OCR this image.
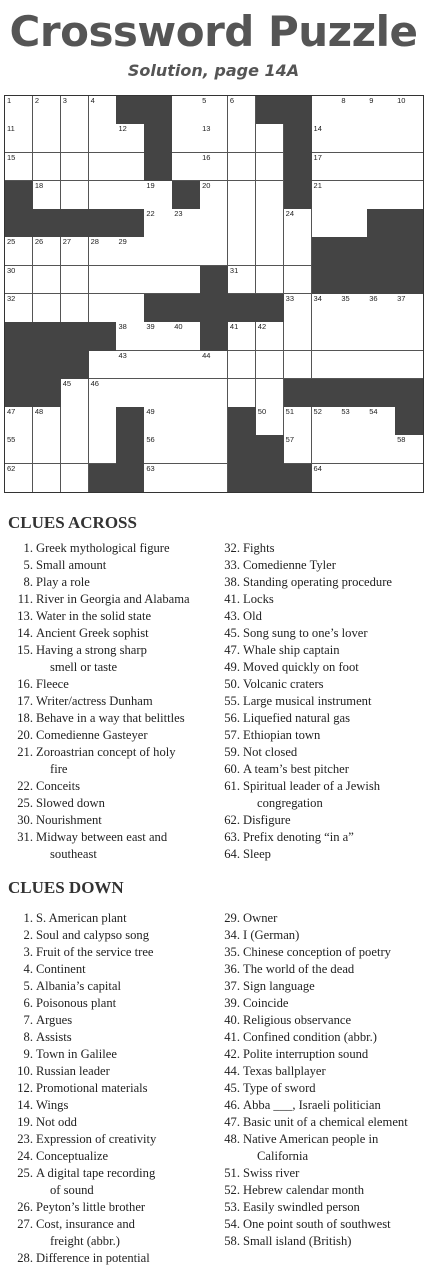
Crossword Puzzle
Solution, page 14A
1	2	3	4	5	6	8	9	10
11	12	13	14
15	16	17
18	19	20	21
22	23	24
25	26	27	28	29
30	31
32	33	34	35	36	37
38	39	40	41	42
43	44
45	46
47	48	49	50	51	52	53	54
55	56	57	58
62	63	64
CLUES ACROSS
1. Greek mythological figure
5. Small amount
8. Play a role
11. River in Georgia and Alabama
13. Water in the solid state
14. Ancient Greek sophist
15. Having a strong sharp
smell or taste
16. Fleece
17. Writer/actress Dunham
18. Behave in a way that belittles
20. Comedienne Gasteyer
21. Zoroastrian concept of holy
fire
22. Conceits
25. Slowed down
30. Nourishment
31. Midway between east and
southeast
32. Fights
33. Comedienne Tyler
38. Standing operating procedure
41. Locks
43. Old
45. Song sung to one’s lover
47. Whale ship captain
49. Moved quickly on foot
50. Volcanic craters
55. Large musical instrument
56. Liquefied natural gas
57. Ethiopian town
59. Not closed
60. A team’s best pitcher
61. Spiritual leader of a Jewish
congregation
62. Disfigure
63. Prefix denoting “in a”
64. Sleep
CLUES DOWN
1. S. American plant
2. Soul and calypso song
3. Fruit of the service tree
4. Continent
5. Albania’s capital
6. Poisonous plant
7. Argues
8. Assists
9. Town in Galilee
10. Russian leader
12. Promotional materials
14. Wings
19. Not odd
23. Expression of creativity
24. Conceptualize
25. A digital tape recording
of sound
26. Peyton’s little brother
27. Cost, insurance and
freight (abbr.)
28. Difference in potential
29. Owner
34. I (German)
35. Chinese conception of poetry
36. The world of the dead
37. Sign language
39. Coincide
40. Religious observance
41. Confined condition (abbr.)
42. Polite interruption sound
44. Texas ballplayer
45. Type of sword
46. Abba ___, Israeli politician
47. Basic unit of a chemical element
48. Native American people in
California
51. Swiss river
52. Hebrew calendar month
53. Easily swindled person
54. One point south of southwest
58. Small island (British)
